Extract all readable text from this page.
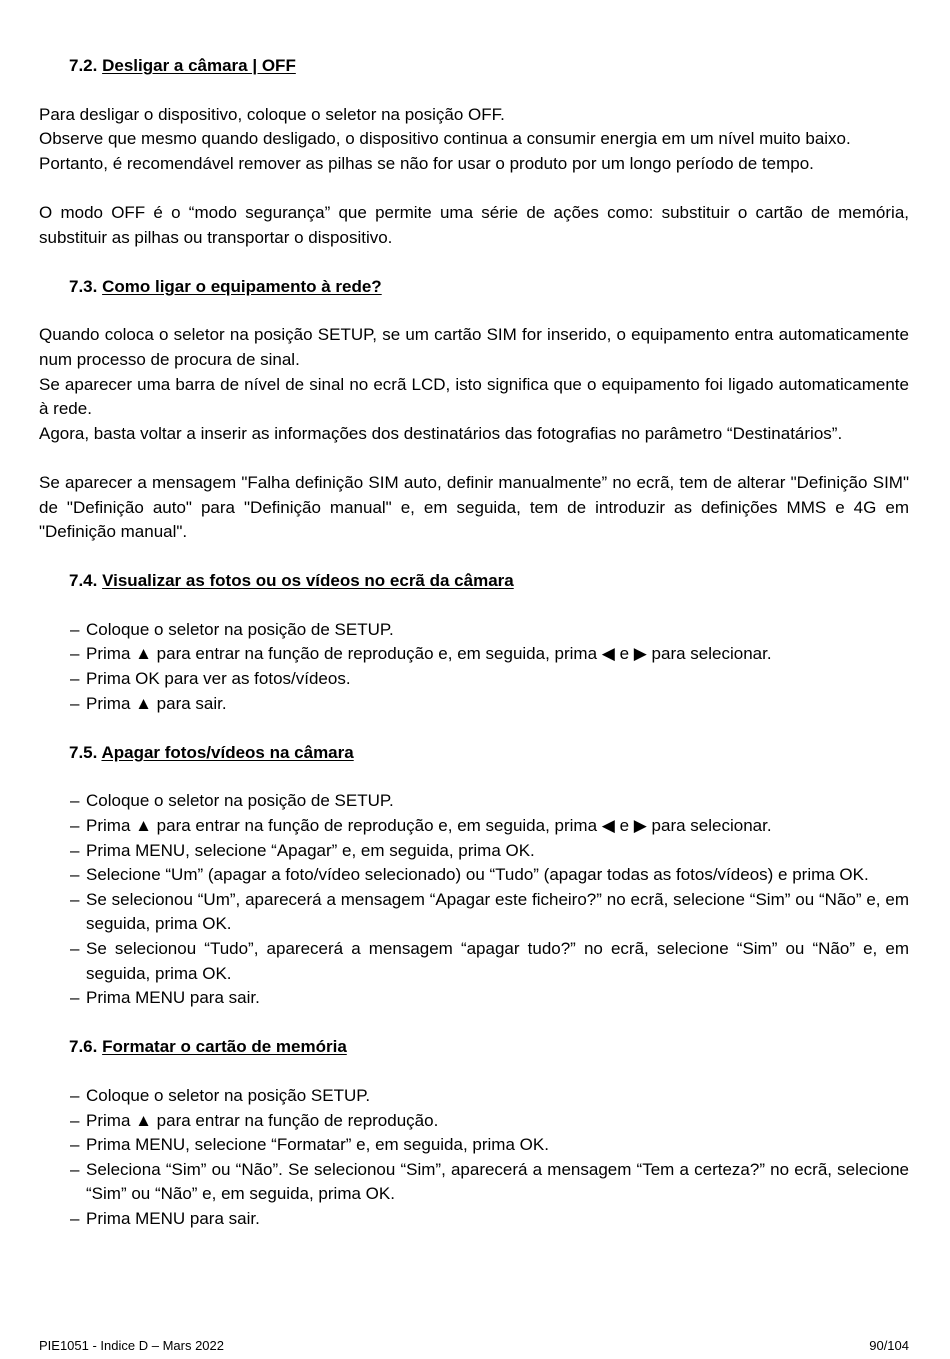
7.2. Desligar a câmara | OFF
Para desligar o dispositivo, coloque o seletor na posição OFF.
Observe que mesmo quando desligado, o dispositivo continua a consumir energia em um nível muito baixo.
Portanto, é recomendável remover as pilhas se não for usar o produto por um longo período de tempo.
O modo OFF é o “modo segurança” que permite uma série de ações como: substituir o cartão de memória, substituir as pilhas ou transportar o dispositivo.
7.3. Como ligar o equipamento à rede?
Quando coloca o seletor na posição SETUP, se um cartão SIM for inserido, o equipamento entra automaticamente num processo de procura de sinal.
Se aparecer uma barra de nível de sinal no ecrã LCD, isto significa que o equipamento foi ligado automaticamente à rede.
Agora, basta voltar a inserir as informações dos destinatários das fotografias no parâmetro “Destinatários”.
Se aparecer a mensagem "Falha definição SIM auto, definir manualmente” no ecrã, tem de alterar "Definição SIM" de "Definição auto" para "Definição manual" e, em seguida, tem de introduzir as definições MMS e 4G em "Definição manual".
7.4. Visualizar as fotos ou os vídeos no ecrã da câmara
– Coloque o seletor na posição de SETUP.
– Prima ▲ para entrar na função de reprodução e, em seguida, prima ◀ e ▶ para selecionar.
– Prima OK para ver as fotos/vídeos.
– Prima ▲ para sair.
7.5. Apagar fotos/vídeos na câmara
– Coloque o seletor na posição de SETUP.
– Prima ▲ para entrar na função de reprodução e, em seguida, prima ◀ e ▶ para selecionar.
– Prima MENU, selecione “Apagar” e, em seguida, prima OK.
– Selecione “Um” (apagar a foto/vídeo selecionado) ou “Tudo” (apagar todas as fotos/vídeos) e prima OK.
– Se selecionou “Um”, aparecerá a mensagem “Apagar este ficheiro?” no ecrã, selecione “Sim” ou “Não” e, em seguida, prima OK.
– Se selecionou “Tudo”, aparecerá a mensagem “apagar tudo?” no ecrã, selecione “Sim” ou “Não” e, em seguida, prima OK.
– Prima MENU para sair.
7.6. Formatar o cartão de memória
– Coloque o seletor na posição SETUP.
– Prima ▲ para entrar na função de reprodução.
– Prima MENU, selecione “Formatar” e, em seguida, prima OK.
– Seleciona “Sim” ou “Não”. Se selecionou “Sim”, aparecerá a mensagem “Tem a certeza?” no ecrã, selecione “Sim” ou “Não” e, em seguida, prima OK.
– Prima MENU para sair.
PIE1051 - Indice D – Mars 2022	90/104
